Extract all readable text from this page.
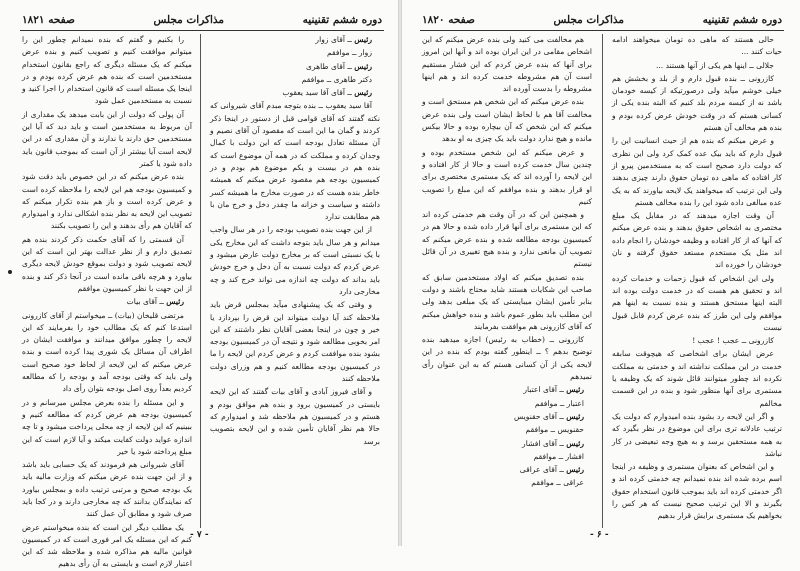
دوره ششم تقنینیه
مذاکرات مجلس
صفحه ۱۸۲۱

رئیس ــ آقای زوار

زوار ــ موافقم

رئیس ــ آقای طاهری

دکتر طاهری ــ موافقم

رئیس ــ آقای آقا سید یعقوب

آقا سید یعقوب ــ بنده بتوجه مبدم آقای شیروانی که نکته گفتند که آقای قوامی قبل از دستور در اینجا ذکر کردند و گمان ما این است که مقصود آن آقای نصیم و آن مسئله تعادل بودجه است که این دولت با کمال وجدان کرده و مملکت که در همه آن موضوع است که بنده هم در بیست و یکم موضوع هم بودم و در کمیسیون بودجه هم مقصود عرض میکنم که همیشه خاطر بنده هست که در صورت مخارج ما همیشه کسر داشته و سیاست و خزانه ما چقدر دخل و خرج مان با هم مطابقت ندارد

از این جهت بنده تصویب بودجه را در هر سال واجب میدانم و هر سال باید بتوجه داشت که این مخارج یکی با یک نسبتی است که بر مخارج دولت عارض میشود و عرض کردم که دولت نسبت به آن دخل و خرج خودش باید بداند که دولت چه اندازه می تواند خرج کند و چه مخارجی دارد

و وقتی که یک پیشنهادی میآید بمجلس قرض باید ملاحظه کند آیا دولت میتواند این قرض را بپردازد یا خیر و چون در اینجا بعضی آقایان نظر داشتند که این امر بخوبی مطالعه شود و نتیجه آن در کمیسیون بودجه بشود بنده موافقت کردم و عرض کردم این لایحه را ما در کمیسیون بودجه مطالعه کنیم و هم وزرای دولت ملاحظه کنند

و آقای فیروز آبادی و آقای بیات گفتند که این لایحه بایستی در کمیسیون برود و بنده هم موافق بودم و هستم و در کمیسیون هم ملاحظه شد و امیدوارم که حالا هم نظر آقایان تأمین شده و این لایحه بتصویب برسد

را بکنیم و گفتم که بنده نمیدانم چطور این را میتوانم موافقت کنیم و تصویب کنیم و بنده عرض میکنم که یک مسئله دیگری که راجع بقانون استخدام مستخدمین است که بنده هم عرض کرده بودم و در اینجا یک مسئله است که قانون استخدام را اجرا کنید و نسبت به مستخدمین عمل شود

آن پولی که دولت از این بابت میدهد یک مقداری از آن مربوط به مستخدمین است و باید دید که آیا این مستخدمین حق دارند یا ندارند و آن مقداری که در این لایحه است آیا بیشتر از آن است که بموجب قانون باید داده شود یا کمتر

بنده عرض میکنم که در این خصوص باید دقت شود و کمیسیون بودجه هم این لایحه را ملاحظه کرده است و عرض کرده است و باز هم بنده تکرار میکنم که تصویب این لایحه به نظر بنده اشکالی ندارد و امیدوارم که آقایان هم رأی بدهند و این را تصویب بکنند

آن قسمتی را که آقای حکمت ذکر کردند بنده هم تصدیق دارم و از نظر عدالت بهتر این است که این لایحه تصویب شود و دولت بموقع خودش لایحه دیگری بیاورد و هرچه باقی مانده است در آنجا ذکر کند و بنده از این جهت با نظر کمیسیون موافقم

رئیس ــ آقای بیات

مرتضی قلیخان (بیات) ــ میخواستم از آقای کازرونی استدعا کنم که یک مطالب خود را بفرمایند که این لایحه را چطور موافق میدانند و موافقت ایشان در اطراف آن مسائل یک شوری پیدا کرده است و بنده عرض میکنم که این لایحه از لحاظ خود صحیح است ولی باید که وقتی بودجه آمد و بودجه را که مطالعه کردیم بعداً روی اصل بودجه بتوان رأی داد

و این مسئله را بنده بعرض مجلس میرسانم و در کمیسیون بودجه هم عرض کردم که مطالعه کنیم و ببینیم که این لایحه از چه محلی پرداخت میشود و تا چه اندازه عواید دولت کفایت میکند و آیا لازم است که این مبلغ پرداخته شود یا خیر

آقای شیروانی هم فرمودند که یک حسابی باید باشد و از این جهت بنده عرض میکنم که وزارت مالیه باید یک بودجه صحیح و مرتبی ترتیب داده و بمجلس بیاورد که نمایندگان بدانند که چه مخارجی دارند و در کجا باید صرف شود و مطابق آن عمل کنند

یک مطلب دیگر این است که بنده میخواستم عرض کنم که این مسئله یک امر فوری است که در کمیسیون قوانین مالیه هم مذاکره شده و ملاحظه شد که این اعتبار لازم است و بایستی به آن رأی بدهیم

- ۷ -
دوره ششم تقنینیه
مذاکرات مجلس
صفحه ۱۸۲۰

حالی هستند که ماهی ده تومان میخواهند ادامه حیات کنند ...

جلالی ــ اینها هم یکی از آنها هستند ...

کازرونی ــ بنده قبول دارم و از بلد و بخشش هم خیلی خوشم میآید ولی درصورتیکه از کیسه خودمان باشد نه از کیسه مردم بلد کنیم که البته بنده یکی از کسانی هستم که در وقت خودش عرض کرده بودم و بنده هم مخالف آن هستم

و عرض میکنم که بنده هم از حیث انسانیت این را قبول دارم که باید بیک عده کمک کرد ولی این نظری که دولت دارد صحیح است که به مستخدمین پیرو از کار افتاده که ماهی ده تومان حقوق دارند چیزی بدهند ولی این ترتیب که میخواهند یک لایحه بیاورند که به یک عده مبالغی داده شود این را بنده مخالف هستم

آن وقت اجازه میدهند که در مقابل یک مبلغ مختصری به اشخاص حقوق بدهند و بنده عرض میکنم که آنها که از کار افتاده و وظیفه خودشان را انجام داده اند مثل یک مستخدم مستعد حقوق گرفته و نان خودشان را خورده اند

ولی این اشخاص که قبول زحمات و خدمات کرده اند و تحقیق هم هست که در خدمت دولت بوده اند البته اینها مستحق هستند و بنده نسبت به اینها هم موافقم ولی این طرز که بنده عرض کردم قابل قبول نیست

کازرونی ــ عجب ! عجب !

عرض ایشان برای اشخاصی که هیچوقت سابقه خدمت در این مملکت نداشته اند و خدمتی به مملکت نکرده اند چطور میتوانند قائل شوند که یک وظیفه یا مستمری برای آنها منظور شود و بنده در این قسمت مخالفم

و اگر این لایحه رد بشود بنده امیدوارم که دولت یک ترتیب عادلانه تری برای این موضوع در نظر بگیرد که به همه مستحقین برسد و به هیچ وجه تبعیضی در کار نباشد

و این اشخاص که بعنوان مستمری و وظیفه در اینجا اسم برده شده اند بنده نمیدانم چه خدمتی کرده اند و اگر خدمتی کرده اند باید بموجب قانون استخدام حقوق بگیرند و الا این ترتیب صحیح نیست که هر کس را بخواهیم یک مستمری برایش قرار بدهیم

هم مخالفت می کنید ولی بنده عرض میکنم که این اشخاص مقامی در این ایران بوده اند و آنها این امروز برای آنها که بنده عرض کردم که این فشار مستقیم است آن هم مشروطه خدمت کرده اند و هم اینها مشروطه را بدست آورده اند

بنده عرض میکنم که این شخص هم مستحق است و مخالفت آقا هم با لحاظ ایشان است ولی بنده عرض میکنم که این شخص که آن بیچاره بوده و حالا بیکس مانده و هیچ ندارد دولت باید یک چیزی به او بدهد

و عرض میکنم که این شخص مستخدم بوده و چندین سال خدمت کرده است و حالا از کار افتاده و این لایحه را آورده اند که یک مستمری مختصری برای او قرار بدهند و بنده موافقم که این مبلغ را تصویب کنیم

و همچنین این که در آن وقت هم خدمتی کرده اند که این مستمری برای آنها قرار داده شده و حالا هم در کمیسیون بودجه مطالعه شده و بنده عرض میکنم که تصویب آن مانعی ندارد و بنده هیچ تغییری در آن قائل نیستم

بنده تصدیق میکنم که اولاد مستخدمین سابق که صاحب این شکایات هستند شاید محتاج باشند و دولت بنابر تأمین ایشان میبایستی که یک مبلغی بدهد ولی این مطلب باید بطور عموم باشد و بنده خواهش میکنم که آقای کازرونی هم موافقت بفرمایند

کازرونی ــ (خطاب به رئیس) اجازه میدهید بنده توضیح بدهم ؟ ــ اینطور گفته بودم که بنده در این لایحه یکی از آن کسانی هستم که به این عنوان رأی نمیدهم

رئیس ــ آقای اعتبار

اعتبار ــ موافقم

رئیس ــ آقای حقنویس

حقنویس ــ موافقم

رئیس ــ آقای افشار

افشار ــ موافقم

رئیس ــ آقای عراقی

عراقی ــ موافقم

- ۶ -
